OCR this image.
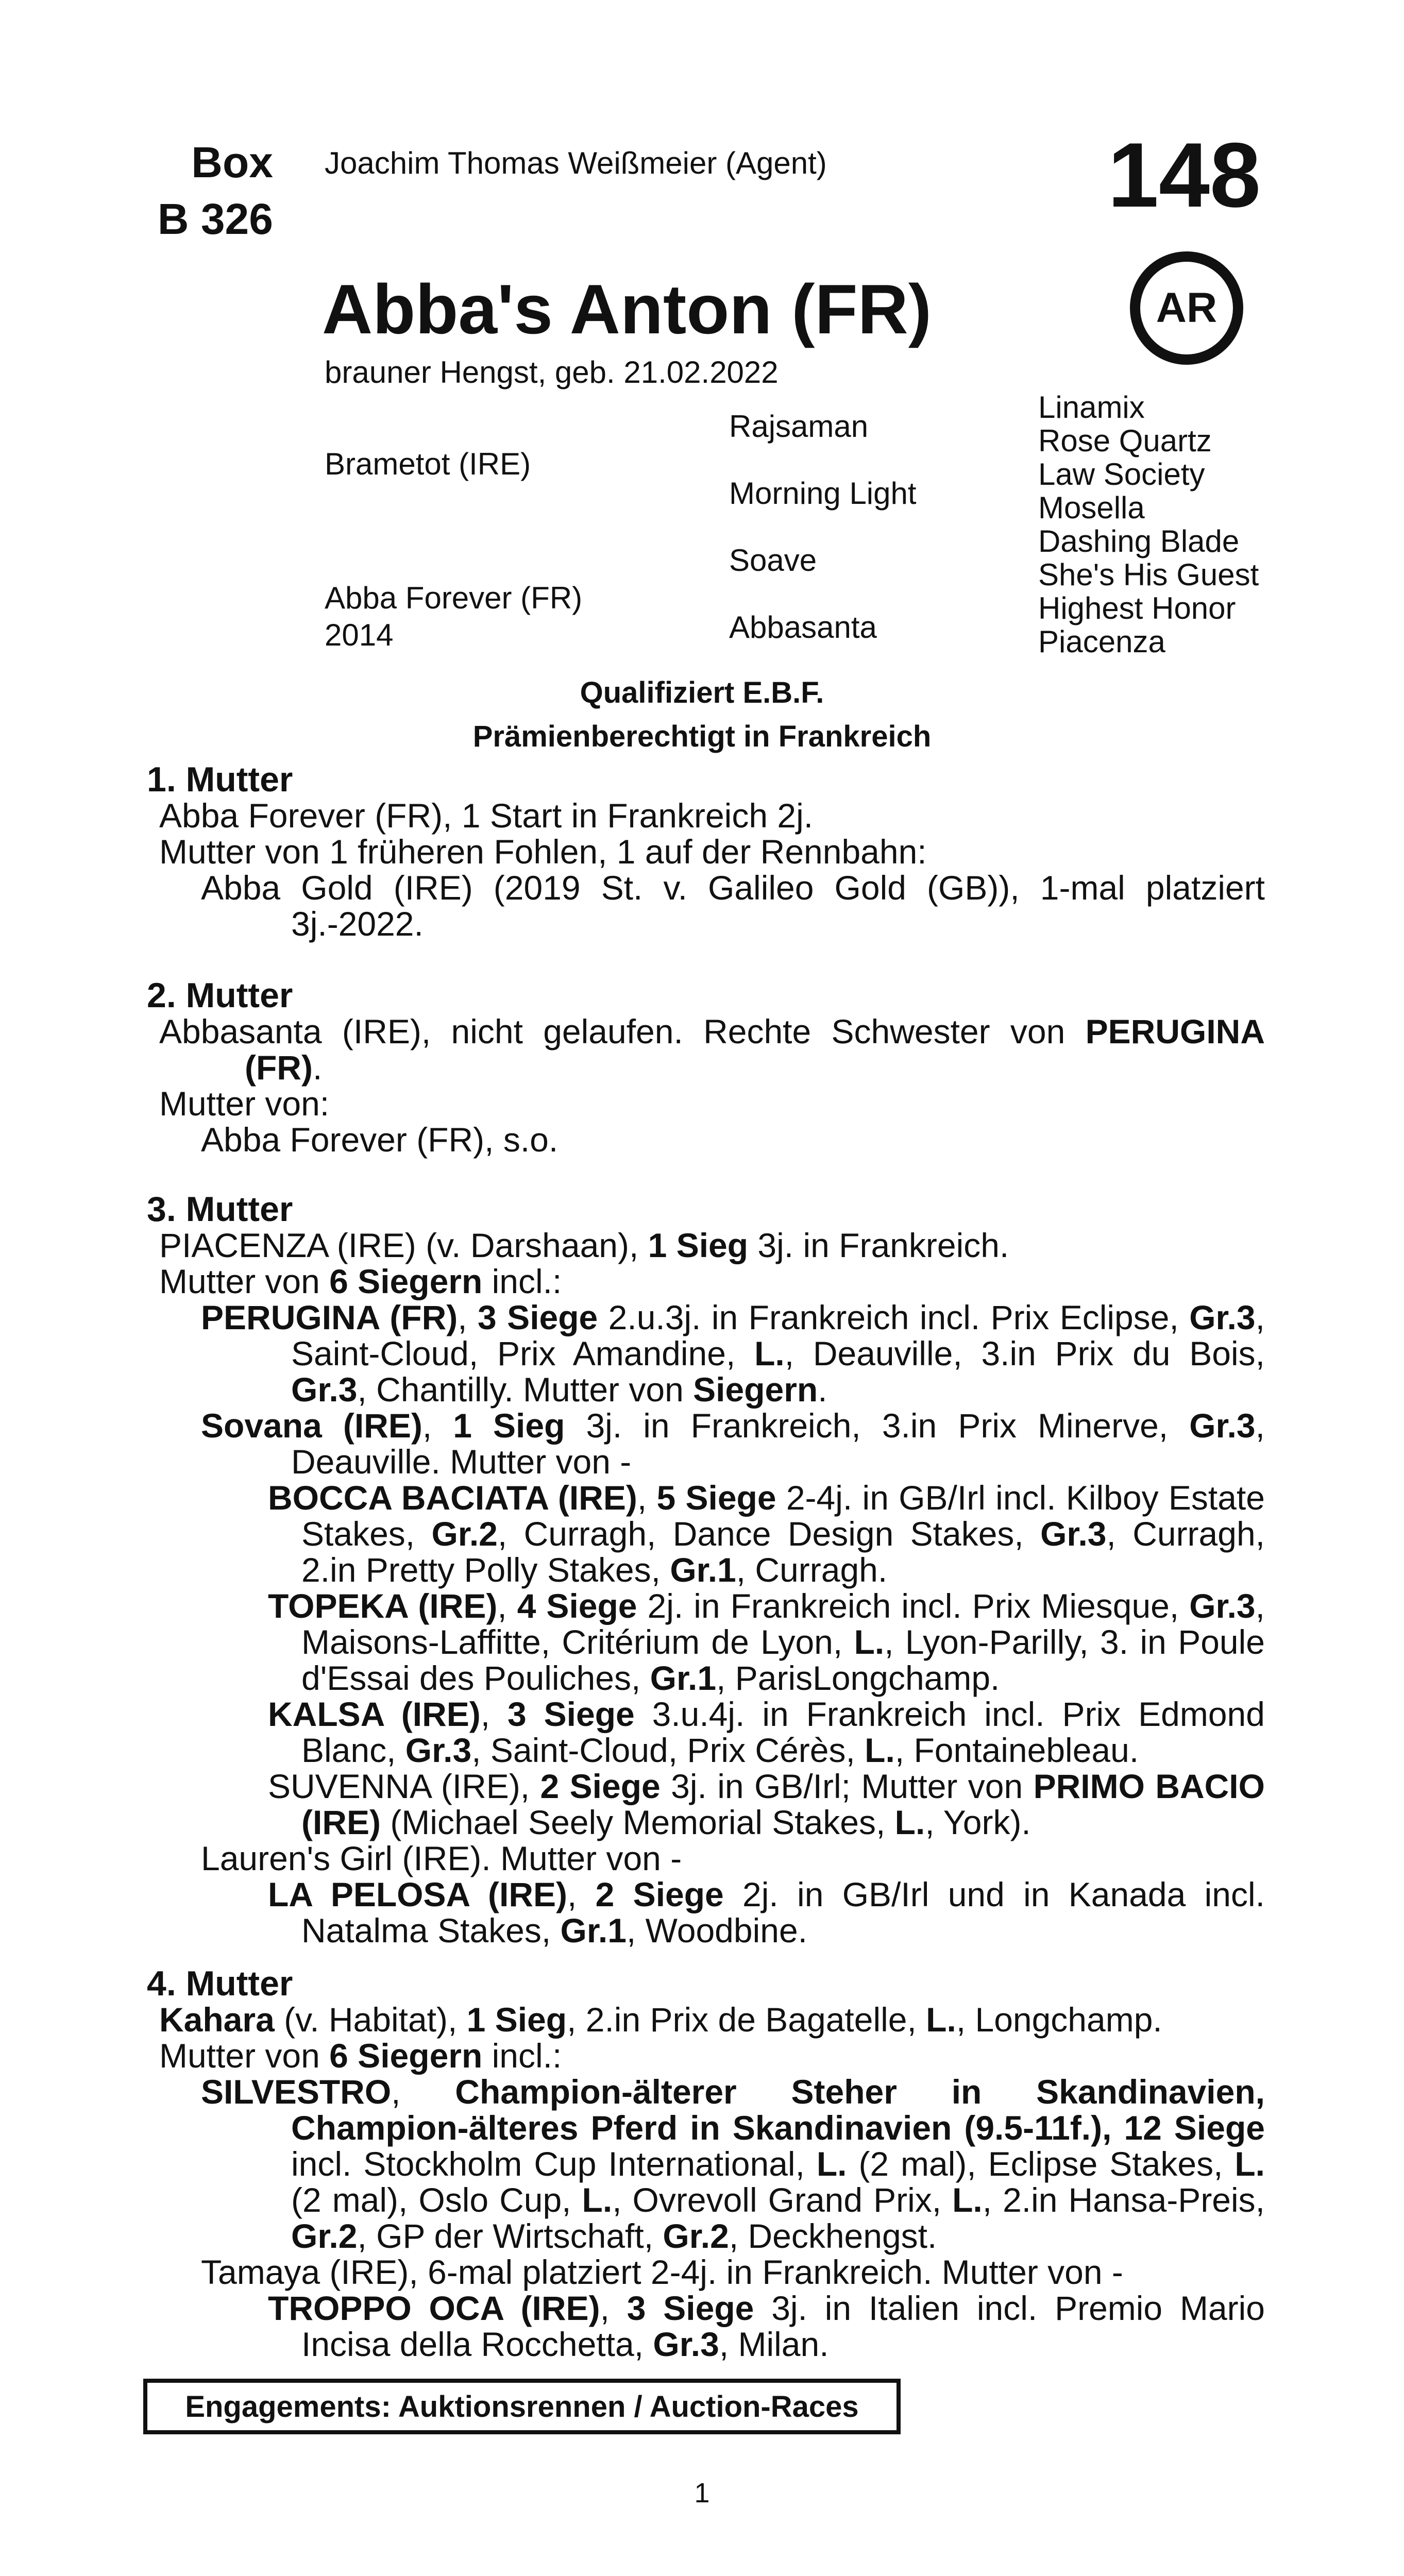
Box
B 326
Joachim Thomas Weißmeier (Agent)	148
AR
Abba's Anton (FR)
brauner Hengst, geb. 21.02.2022
Brametot (IRE)
Abba Forever (FR)
2014
Rajsaman
Morning Light
Soave
Abbasanta
Linamix
Rose Quartz
Law Society
Mosella
Dashing Blade
She's His Guest
Highest Honor
Piacenza
Qualifiziert E.B.F.
Prämienberechtigt in Frankreich

1. Mutter

Abba Forever (FR), 1 Start in Frankreich 2j.

Mutter von 1 früheren Fohlen, 1 auf der Rennbahn:

Abba Gold (IRE) (2019 St. v. Galileo Gold (GB)), 1-mal platziert 3j.-2022.

2. Mutter

Abbasanta (IRE), nicht gelaufen. Rechte Schwester von PERUGINA (FR).

Mutter von:

Abba Forever (FR), s.o.

3. Mutter

PIACENZA (IRE) (v. Darshaan), 1 Sieg 3j. in Frankreich.

Mutter von 6 Siegern incl.:

PERUGINA (FR), 3 Siege 2.u.3j. in Frankreich incl. Prix Eclipse, Gr.3, Saint-Cloud, Prix Amandine, L., Deauville, 3.in Prix du Bois, Gr.3, Chantilly. Mutter von Siegern.

Sovana (IRE), 1 Sieg 3j. in Frankreich, 3.in Prix Minerve, Gr.3, Deauville. Mutter von -

BOCCA BACIATA (IRE), 5 Siege 2-4j. in GB/Irl incl. Kilboy Estate Stakes, Gr.2, Curragh, Dance Design Stakes, Gr.3, Curragh, 2.in Pretty Polly Stakes, Gr.1, Curragh.

TOPEKA (IRE), 4 Siege 2j. in Frankreich incl. Prix Miesque, Gr.3, Maisons-Laffitte, Critérium de Lyon, L., Lyon-Parilly, 3. in Poule d'Essai des Pouliches, Gr.1, ParisLongchamp.

KALSA (IRE), 3 Siege 3.u.4j. in Frankreich incl. Prix Edmond Blanc, Gr.3, Saint-Cloud, Prix Cérès, L., Fontainebleau.

SUVENNA (IRE), 2 Siege 3j. in GB/Irl; Mutter von PRIMO BACIO (IRE) (Michael Seely Memorial Stakes, L., York).

Lauren's Girl (IRE). Mutter von -

LA PELOSA (IRE), 2 Siege 2j. in GB/Irl und in Kanada incl. Natalma Stakes, Gr.1, Woodbine.

4. Mutter

Kahara (v. Habitat), 1 Sieg, 2.in Prix de Bagatelle, L., Longchamp.

Mutter von 6 Siegern incl.:

SILVESTRO, Champion-älterer Steher in Skandinavien, Champion-älteres Pferd in Skandinavien (9.5-11f.), 12 Siege incl. Stockholm Cup International, L. (2 mal), Eclipse Stakes, L. (2 mal), Oslo Cup, L., Ovrevoll Grand Prix, L., 2.in Hansa-Preis, Gr.2, GP der Wirtschaft, Gr.2, Deckhengst.

Tamaya (IRE), 6-mal platziert 2-4j. in Frankreich. Mutter von -

TROPPO OCA (IRE), 3 Siege 3j. in Italien incl. Premio Mario Incisa della Rocchetta, Gr.3, Milan.

Engagements: Auktionsrennen / Auction-Races
1
